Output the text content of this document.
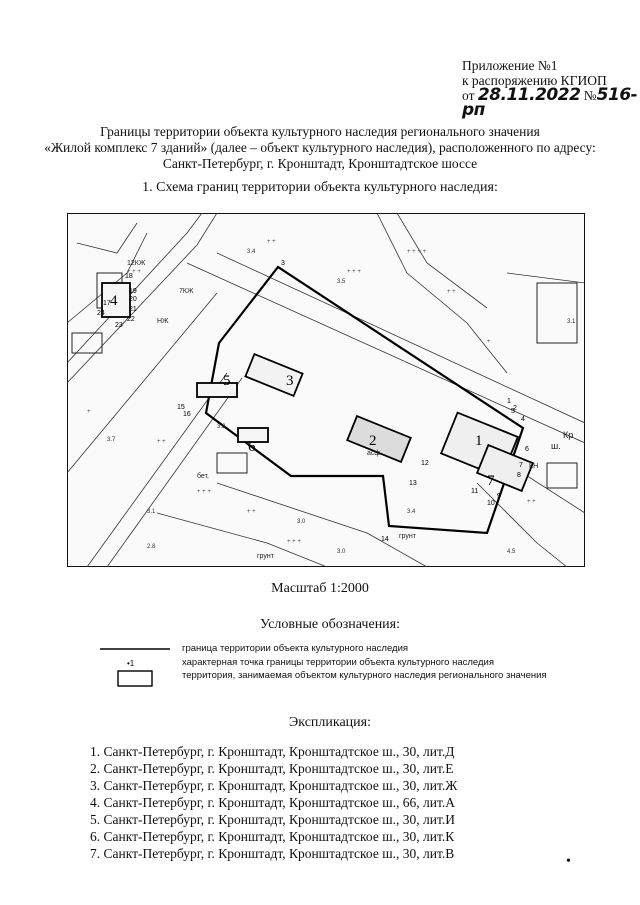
Приложение №1
к распоряжению КГИОП
от 28.11.2022 №516-рп
Границы территории объекта культурного наследия регионального значения
«Жилой комплекс 7 зданий» (далее – объект культурного наследия), расположенного по адресу:
Санкт-Петербург, г. Кронштадт, Кронштадтское шоссе
1. Схема границ территории объекта культурного наследия:
+ + +
+ +
+ + +
+ + + +
+ +
+
+ + +
+ +
+ + +
+ +
+
+ +
3
2	1
4
5
6
7
1
2
3
4
5
6
7
8
9
10
11
12
13
14
15
16
17
18
19
20
21
22
23
24
КН
Кр
ш.
грунт
грунт
асф.
бет.
НЖ
7КЖ
12КЖ
3.4
3.5
3.7
3.1
3.0
2.8
3.0
3.1
4.5
3.4
3.8
Масштаб 1:2000
Условные обозначения:
•1
граница территории объекта культурного наследия
характерная точка границы территории объекта культурного наследия
территория, занимаемая объектом культурного наследия регионального значения
Экспликация:
1. Санкт-Петербург, г. Кронштадт, Кронштадтское ш., 30, лит.Д
2. Санкт-Петербург, г. Кронштадт, Кронштадтское ш., 30, лит.Е
3. Санкт-Петербург, г. Кронштадт, Кронштадтское ш., 30, лит.Ж
4. Санкт-Петербург, г. Кронштадт, Кронштадтское ш., 66, лит.А
5. Санкт-Петербург, г. Кронштадт, Кронштадтское ш., 30, лит.И
6. Санкт-Петербург, г. Кронштадт, Кронштадтское ш., 30, лит.К
7. Санкт-Петербург, г. Кронштадт, Кронштадтское ш., 30, лит.В
•
